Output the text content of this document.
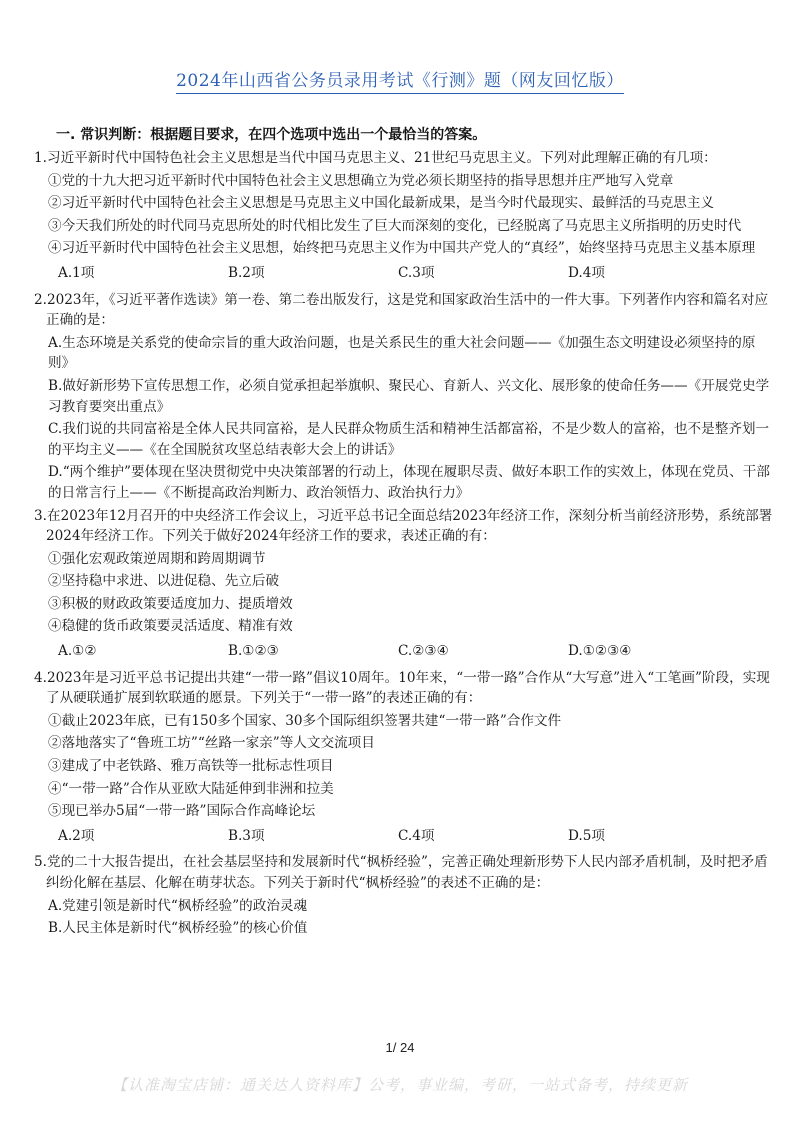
2024年山西省公务员录用考试《行测》题（网友回忆版）
一. 常识判断：根据题目要求，在四个选项中选出一个最恰当的答案。

1.习近平新时代中国特色社会主义思想是当代中国马克思主义、21世纪马克思主义。下列对此理解正确的有几项：

①党的十九大把习近平新时代中国特色社会主义思想确立为党必须长期坚持的指导思想并庄严地写入党章

②习近平新时代中国特色社会主义思想是马克思主义中国化最新成果，是当今时代最现实、最鲜活的马克思主义

③今天我们所处的时代同马克思所处的时代相比发生了巨大而深刻的变化，已经脱离了马克思主义所指明的历史时代

④习近平新时代中国特色社会主义思想，始终把马克思主义作为中国共产党人的“真经”，始终坚持马克思主义基本原理

A.1项	B.2项	C.3项	D.4项

2.2023年，《习近平著作选读》第一卷、第二卷出版发行，这是党和国家政治生活中的一件大事。下列著作内容和篇名对应正确的是：

A.生态环境是关系党的使命宗旨的重大政治问题，也是关系民生的重大社会问题——《加强生态文明建设必须坚持的原则》

B.做好新形势下宣传思想工作，必须自觉承担起举旗帜、聚民心、育新人、兴文化、展形象的使命任务——《开展党史学习教育要突出重点》

C.我们说的共同富裕是全体人民共同富裕，是人民群众物质生活和精神生活都富裕，不是少数人的富裕，也不是整齐划一的平均主义——《在全国脱贫攻坚总结表彰大会上的讲话》

D.“两个维护”要体现在坚决贯彻党中央决策部署的行动上，体现在履职尽责、做好本职工作的实效上，体现在党员、干部的日常言行上——《不断提高政治判断力、政治领悟力、政治执行力》

3.在2023年12月召开的中央经济工作会议上，习近平总书记全面总结2023年经济工作，深刻分析当前经济形势，系统部署2024年经济工作。下列关于做好2024年经济工作的要求，表述正确的有：

①强化宏观政策逆周期和跨周期调节

②坚持稳中求进、以进促稳、先立后破

③积极的财政政策要适度加力、提质增效

④稳健的货币政策要灵活适度、精准有效

A.①②	B.①②③	C.②③④	D.①②③④

4.2023年是习近平总书记提出共建“一带一路”倡议10周年。10年来，“一带一路”合作从“大写意”进入“工笔画”阶段，实现了从硬联通扩展到软联通的愿景。下列关于“一带一路”的表述正确的有：

①截止2023年底，已有150多个国家、30多个国际组织签署共建“一带一路”合作文件

②落地落实了“鲁班工坊”“丝路一家亲”等人文交流项目

③建成了中老铁路、雅万高铁等一批标志性项目

④“一带一路”合作从亚欧大陆延伸到非洲和拉美

⑤现已举办5届“一带一路”国际合作高峰论坛

A.2项	B.3项	C.4项	D.5项

5.党的二十大报告提出，在社会基层坚持和发展新时代“枫桥经验”，完善正确处理新形势下人民内部矛盾机制，及时把矛盾纠纷化解在基层、化解在萌芽状态。下列关于新时代“枫桥经验”的表述不正确的是：

A.党建引领是新时代“枫桥经验”的政治灵魂

B.人民主体是新时代“枫桥经验”的核心价值

1/ 24
【认准淘宝店铺：通关达人资料库】公考，事业编，考研，一站式备考，持续更新
